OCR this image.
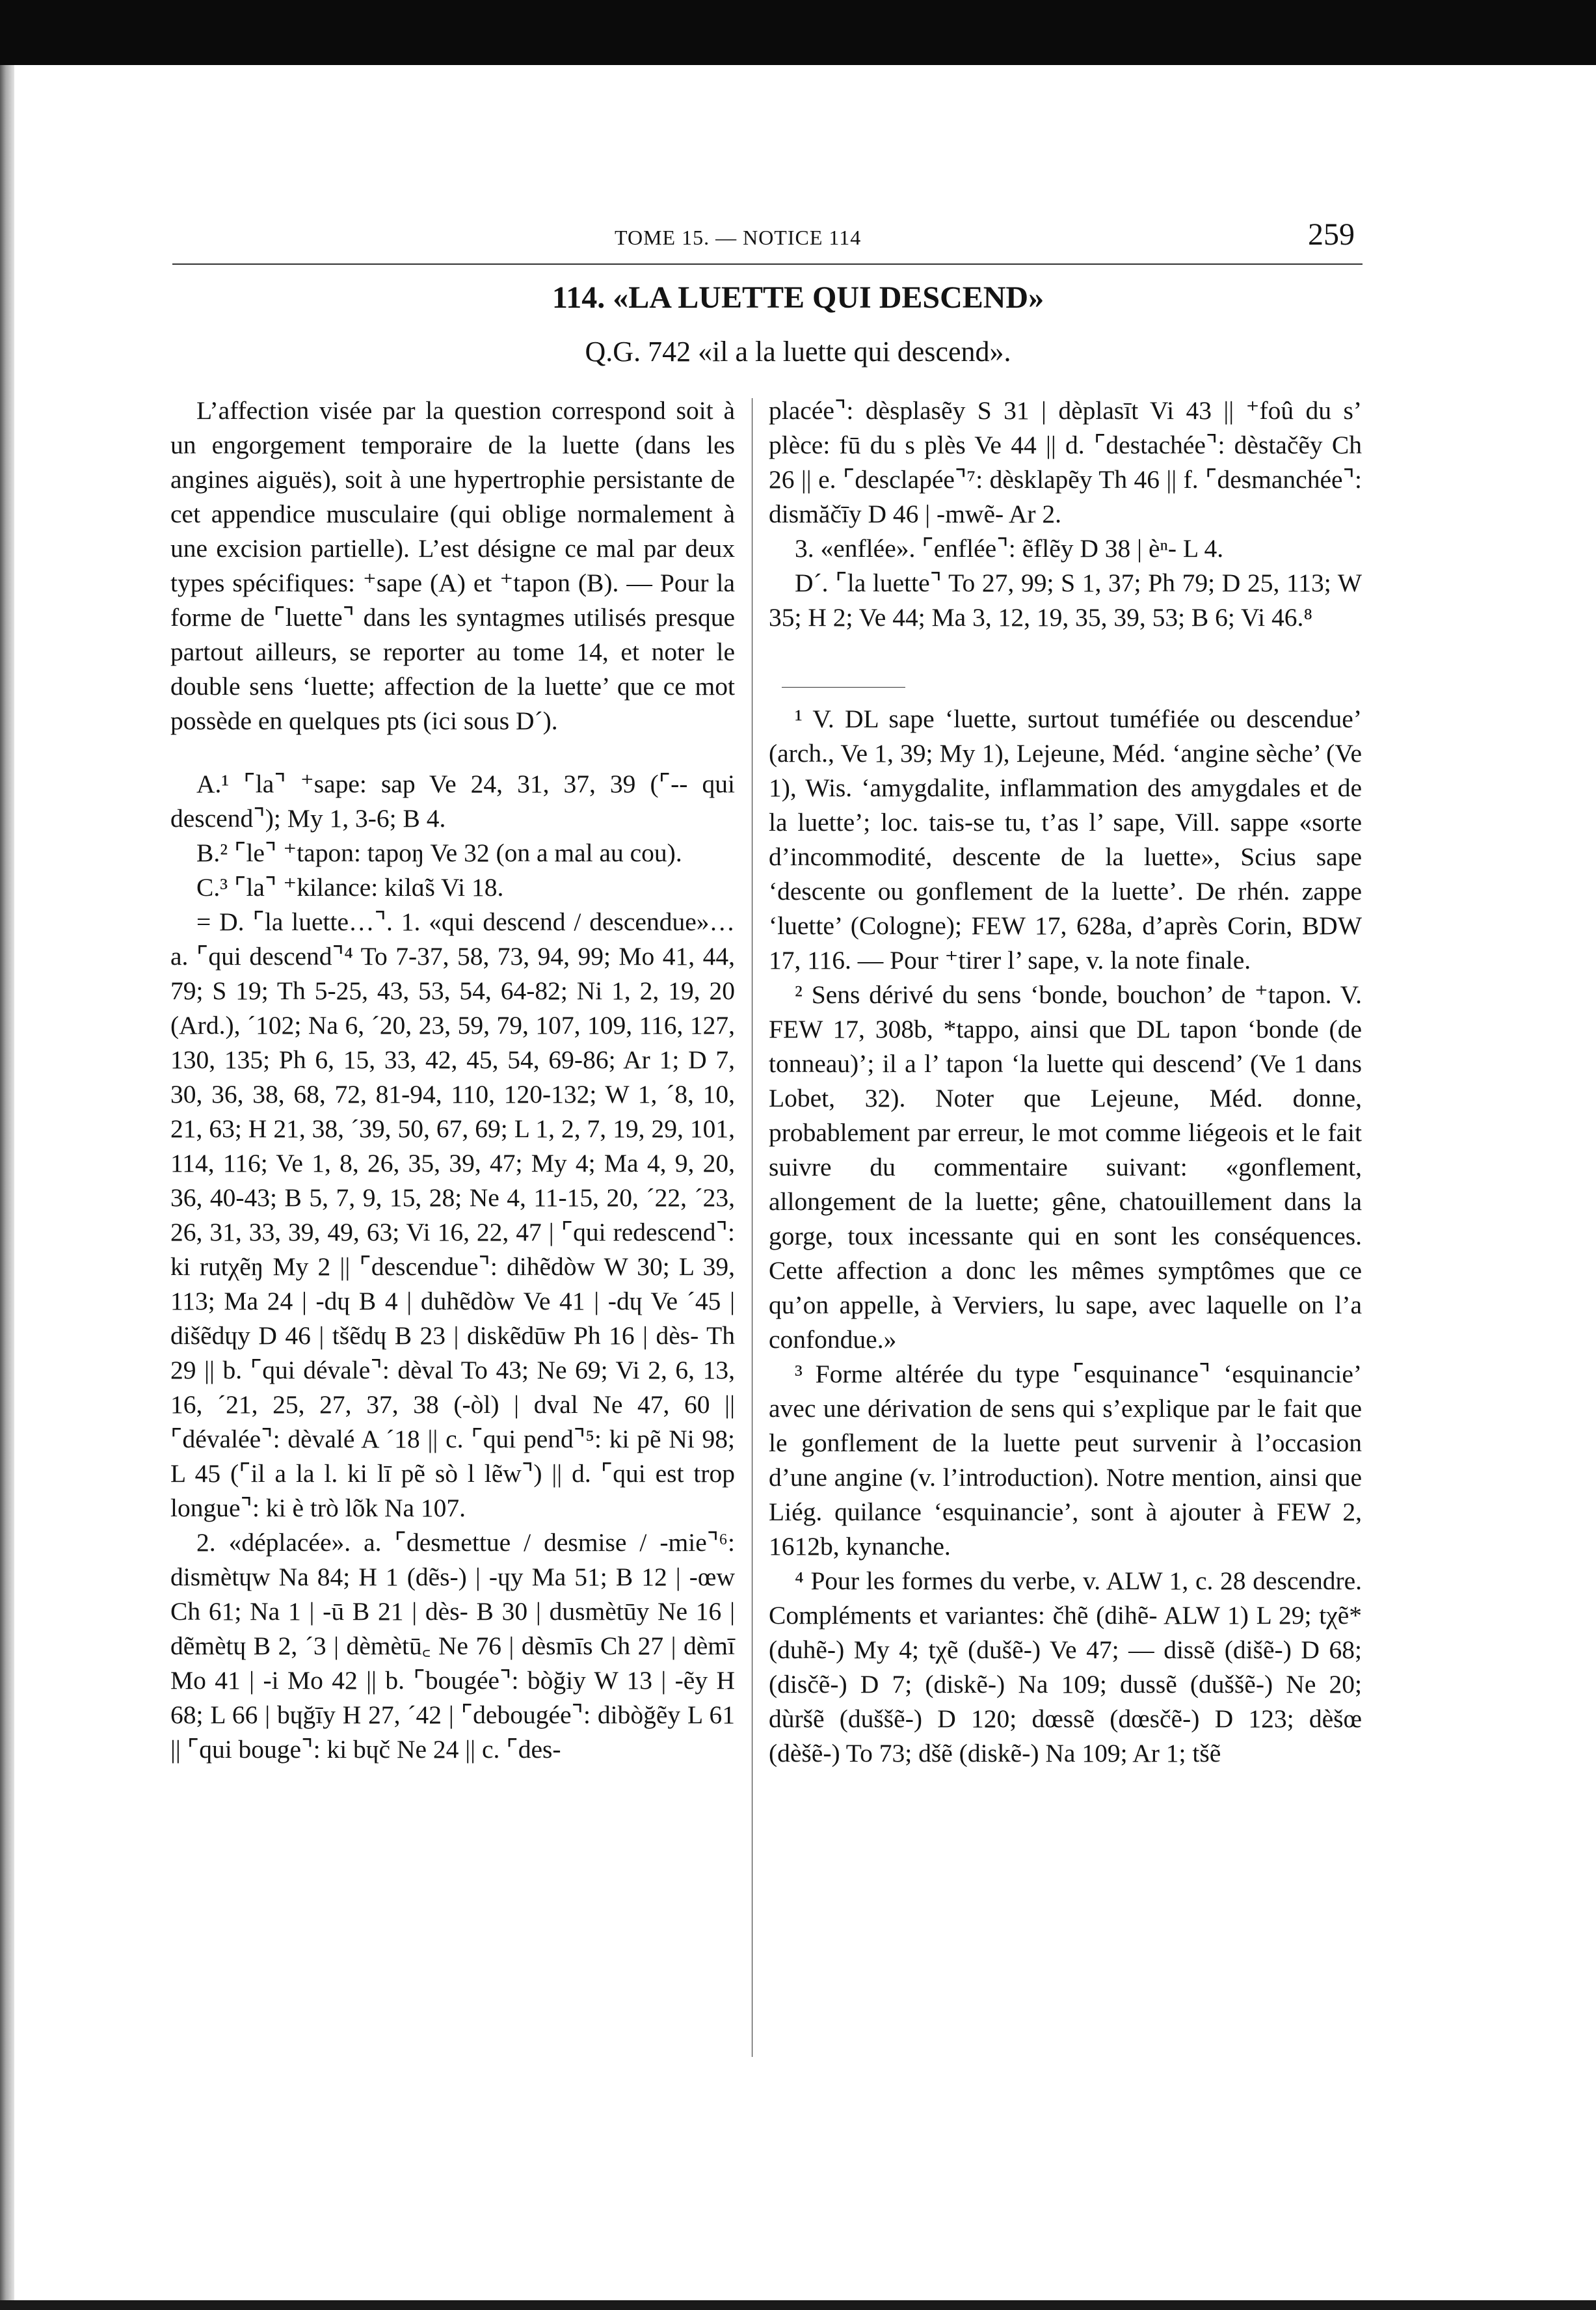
TOME 15. — NOTICE 114	259
114. «LA LUETTE QUI DESCEND»
Q.G. 742 «il a la luette qui descend».

L’affection visée par la question correspond soit à un engorgement temporaire de la luette (dans les angines aiguës), soit à une hypertrophie persistante de cet appendice musculaire (qui oblige normalement à une excision partielle). L’est désigne ce mal par deux types spécifiques: ⁺sape (A) et ⁺tapon (B). — Pour la forme de ⌜luette⌝ dans les syntagmes utilisés presque partout ailleurs, se reporter au tome 14, et noter le double sens ‘luette; affection de la luette’ que ce mot possède en quelques pts (ici sous D´).

A.¹ ⌜la⌝ ⁺sape: sap Ve 24, 31, 37, 39 (⌜-- qui descend⌝); My 1, 3-6; B 4.

B.² ⌜le⌝ ⁺tapon: tapoŋ Ve 32 (on a mal au cou).

C.³ ⌜la⌝ ⁺kilance: kilɑ̃s Vi 18.

= D. ⌜la luette…⌝. 1. «qui descend / descendue»… a. ⌜qui descend⌝⁴ To 7-37, 58, 73, 94, 99; Mo 41, 44, 79; S 19; Th 5-25, 43, 53, 54, 64-82; Ni 1, 2, 19, 20 (Ard.), ´102; Na 6, ´20, 23, 59, 79, 107, 109, 116, 127, 130, 135; Ph 6, 15, 33, 42, 45, 54, 69-86; Ar 1; D 7, 30, 36, 38, 68, 72, 81-94, 110, 120-132; W 1, ´8, 10, 21, 63; H 21, 38, ´39, 50, 67, 69; L 1, 2, 7, 19, 29, 101, 114, 116; Ve 1, 8, 26, 35, 39, 47; My 4; Ma 4, 9, 20, 36, 40-43; B 5, 7, 9, 15, 28; Ne 4, 11-15, 20, ´22, ´23, 26, 31, 33, 39, 49, 63; Vi 16, 22, 47 | ⌜qui redescend⌝: ki rutχẽŋ My 2 || ⌜descendue⌝: dihẽdòw W 30; L 39, 113; Ma 24 | -dɥ B 4 | duhẽdòw Ve 41 | -dɥ Ve ´45 | dišẽdɥy D 46 | tšẽdɥ B 23 | diskẽdūw Ph 16 | dès- Th 29 || b. ⌜qui dévale⌝: dèval To 43; Ne 69; Vi 2, 6, 13, 16, ´21, 25, 27, 37, 38 (-òl) | dval Ne 47, 60 || ⌜dévalée⌝: dèvalé A ´18 || c. ⌜qui pend⌝⁵: ki pẽ Ni 98; L 45 (⌜il a la l. ki lī pẽ sò l lẽw⌝) || d. ⌜qui est trop longue⌝: ki è trò lõk Na 107.

2. «déplacée». a. ⌜desmettue / desmise / -mie⌝⁶: dismètɥw Na 84; H 1 (dẽs-) | -ɥy Ma 51; B 12 | -œw Ch 61; Na 1 | -ū B 21 | dès- B 30 | dusmètūy Ne 16 | dẽmètɥ B 2, ´3 | dèmètū꜀ Ne 76 | dèsmīs Ch 27 | dèmī Mo 41 | -i Mo 42 || b. ⌜bougée⌝: bòğiy W 13 | -ẽy H 68; L 66 | bɥğīy H 27, ´42 | ⌜debougée⌝: dibòğẽy L 61 || ⌜qui bouge⌝: ki bɥč Ne 24 || c. ⌜des-

placée⌝: dèsplasẽy S 31 | dèplasīt Vi 43 || ⁺foû du s’ plèce: fū du s plès Ve 44 || d. ⌜destachée⌝: dèstačẽy Ch 26 || e. ⌜desclapée⌝⁷: dèsklapẽy Th 46 || f. ⌜desmanchée⌝: dismăčīy D 46 | -mwẽ- Ar 2.

3. «enflée». ⌜enflée⌝: ẽflẽy D 38 | èⁿ- L 4.

D´. ⌜la luette⌝ To 27, 99; S 1, 37; Ph 79; D 25, 113; W 35; H 2; Ve 44; Ma 3, 12, 19, 35, 39, 53; B 6; Vi 46.⁸

¹ V. DL sape ‘luette, surtout tuméfiée ou descendue’ (arch., Ve 1, 39; My 1), Lejeune, Méd. ‘angine sèche’ (Ve 1), Wis. ‘amygdalite, inflammation des amygdales et de la luette’; loc. tais-se tu, t’as l’ sape, Vill. sappe «sorte d’incommodité, descente de la luette», Scius sape ‘descente ou gonflement de la luette’. De rhén. zappe ‘luette’ (Cologne); FEW 17, 628a, d’après Corin, BDW 17, 116. — Pour ⁺tirer l’ sape, v. la note finale.

² Sens dérivé du sens ‘bonde, bouchon’ de ⁺tapon. V. FEW 17, 308b, *tappo, ainsi que DL tapon ‘bonde (de tonneau)’; il a l’ tapon ‘la luette qui descend’ (Ve 1 dans Lobet, 32). Noter que Lejeune, Méd. donne, probablement par erreur, le mot comme liégeois et le fait suivre du commentaire suivant: «gonflement, allongement de la luette; gêne, chatouillement dans la gorge, toux incessante qui en sont les conséquences. Cette affection a donc les mêmes symptômes que ce qu’on appelle, à Verviers, lu sape, avec laquelle on l’a confondue.»

³ Forme altérée du type ⌜esquinance⌝ ‘esquinancie’ avec une dérivation de sens qui s’explique par le fait que le gonflement de la luette peut survenir à l’occasion d’une angine (v. l’introduction). Notre mention, ainsi que Liég. quilance ‘esquinancie’, sont à ajouter à FEW 2, 1612b, kynanche.

⁴ Pour les formes du verbe, v. ALW 1, c. 28 descendre. Compléments et variantes: čhẽ (dihẽ- ALW 1) L 29; tχẽ* (duhẽ-) My 4; tχẽ (dušẽ-) Ve 47; — dissẽ (dišẽ-) D 68; (disčẽ-) D 7; (diskẽ-) Na 109; dussẽ (duššẽ-) Ne 20; dùršẽ (duššẽ-) D 120; dœssẽ (dœsčẽ-) D 123; dèšœ (dèšẽ-) To 73; dšẽ (diskẽ-) Na 109; Ar 1; tšẽ
